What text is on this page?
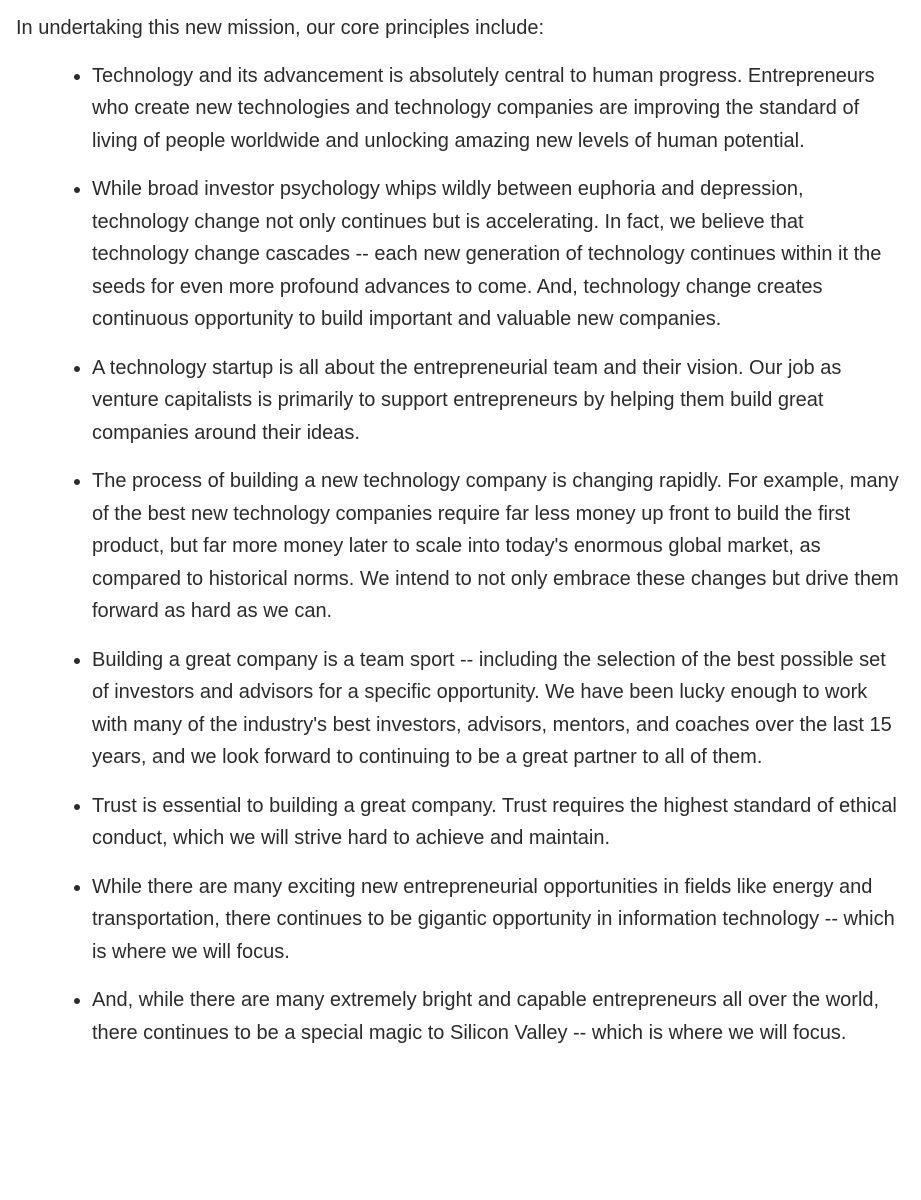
In undertaking this new mission, our core principles include:

• Technology and its advancement is absolutely central to human progress. Entrepreneurs who create new technologies and technology companies are improving the standard of living of people worldwide and unlocking amazing new levels of human potential.
• While broad investor psychology whips wildly between euphoria and depression, technology change not only continues but is accelerating. In fact, we believe that technology change cascades -- each new generation of technology continues within it the seeds for even more profound advances to come. And, technology change creates continuous opportunity to build important and valuable new companies.
• A technology startup is all about the entrepreneurial team and their vision. Our job as venture capitalists is primarily to support entrepreneurs by helping them build great companies around their ideas.
• The process of building a new technology company is changing rapidly. For example, many of the best new technology companies require far less money up front to build the first product, but far more money later to scale into today's enormous global market, as compared to historical norms. We intend to not only embrace these changes but drive them forward as hard as we can.
• Building a great company is a team sport -- including the selection of the best possible set of investors and advisors for a specific opportunity. We have been lucky enough to work with many of the industry's best investors, advisors, mentors, and coaches over the last 15 years, and we look forward to continuing to be a great partner to all of them.
• Trust is essential to building a great company. Trust requires the highest standard of ethical conduct, which we will strive hard to achieve and maintain.
• While there are many exciting new entrepreneurial opportunities in fields like energy and transportation, there continues to be gigantic opportunity in information technology -- which is where we will focus.
• And, while there are many extremely bright and capable entrepreneurs all over the world, there continues to be a special magic to Silicon Valley -- which is where we will focus.
